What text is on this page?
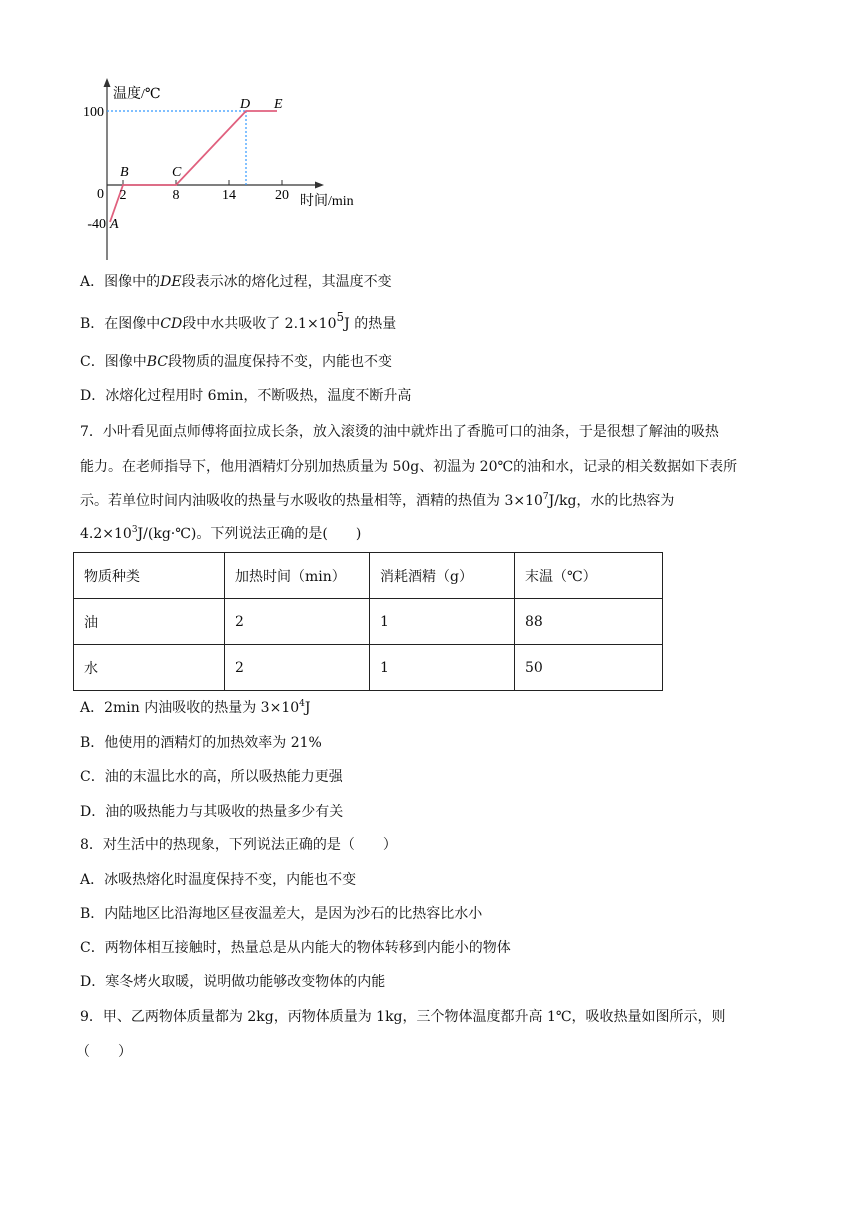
温度/℃
时间/min
100
0
-40
2	8	14	20
A
B	C
D E
A．图像中的DE段表示冰的熔化过程，其温度不变
B．在图像中CD段中水共吸收了 $2.1\times 10^5J$ 的热量
C．图像中BC段物质的温度保持不变，内能也不变
D．冰熔化过程用时 6min，不断吸热，温度不断升高
7．小叶看见面点师傅将面拉成长条，放入滚烫的油中就炸出了香脆可口的油条，于是很想了解油的吸热
能力。在老师指导下，他用酒精灯分别加热质量为 50g、初温为 20℃的油和水，记录的相关数据如下表所
示。若单位时间内油吸收的热量与水吸收的热量相等，酒精的热值为 $3\times 10^7J/kg$，水的比热容为
$4.2\times 10^3J/(kg\cdot℃)$。下列说法正确的是(　　)
物质种类	加热时间（min）	消耗酒精（g）	末温（℃）
油	2	1	88
水	2	1	50
A．2min 内油吸收的热量为 $3\times 10^4J$
B．他使用的酒精灯的加热效率为 21%
C．油的末温比水的高，所以吸热能力更强
D．油的吸热能力与其吸收的热量多少有关
8．对生活中的热现象，下列说法正确的是（　　）
A．冰吸热熔化时温度保持不变，内能也不变
B．内陆地区比沿海地区昼夜温差大，是因为沙石的比热容比水小
C．两物体相互接触时，热量总是从内能大的物体转移到内能小的物体
D．寒冬烤火取暖，说明做功能够改变物体的内能
9．甲、乙两物体质量都为 2kg，丙物体质量为 1kg，三个物体温度都升高 1℃，吸收热量如图所示，则
（　　）
